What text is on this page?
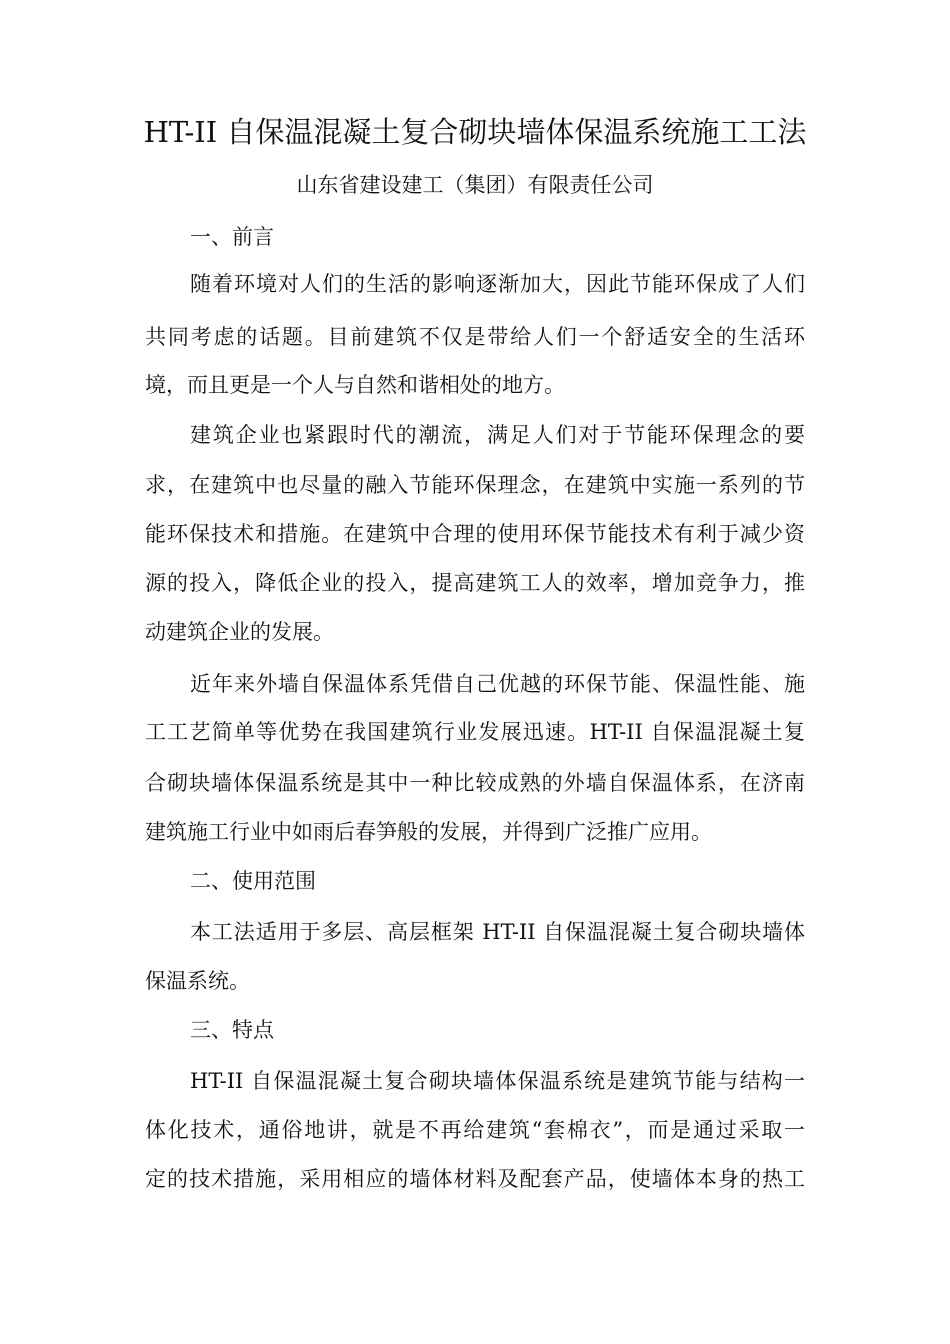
HT-II 自保温混凝土复合砌块墙体保温系统施工工法
山东省建设建工（集团）有限责任公司
一、前言
随着环境对人们的生活的影响逐渐加大，因此节能环保成了人们
共同考虑的话题。目前建筑不仅是带给人们一个舒适安全的生活环
境，而且更是一个人与自然和谐相处的地方。
建筑企业也紧跟时代的潮流，满足人们对于节能环保理念的要
求，在建筑中也尽量的融入节能环保理念，在建筑中实施一系列的节
能环保技术和措施。在建筑中合理的使用环保节能技术有利于减少资
源的投入，降低企业的投入，提高建筑工人的效率，增加竞争力，推
动建筑企业的发展。
近年来外墙自保温体系凭借自己优越的环保节能、保温性能、施
工工艺简单等优势在我国建筑行业发展迅速。HT-II 自保温混凝土复
合砌块墙体保温系统是其中一种比较成熟的外墙自保温体系，在济南
建筑施工行业中如雨后春笋般的发展，并得到广泛推广应用。
二、使用范围
本工法适用于多层、高层框架 HT-II 自保温混凝土复合砌块墙体
保温系统。
三、特点
HT-II 自保温混凝土复合砌块墙体保温系统是建筑节能与结构一
体化技术，通俗地讲，就是不再给建筑“套棉衣”，而是通过采取一
定的技术措施，采用相应的墙体材料及配套产品，使墙体本身的热工
